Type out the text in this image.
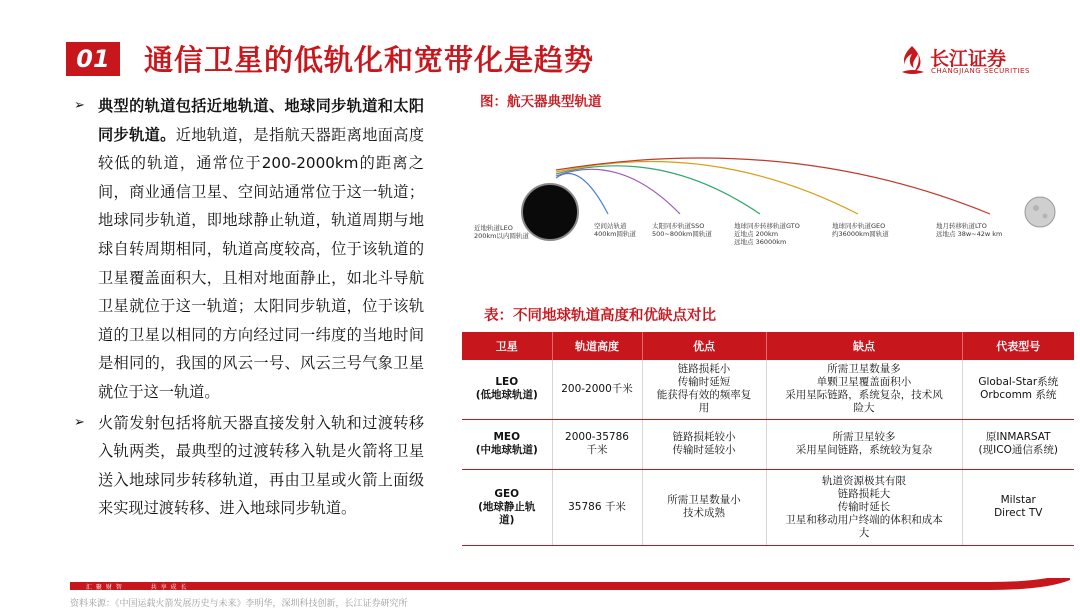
01	通信卫星的低轨化和宽带化是趋势	长江证券
CHANGJIANG SECURITIES
➢ 典型的轨道包括近地轨道、地球同步轨道和太阳同步轨道。近地轨道，是指航天器距离地面高度较低的轨道，通常位于200-2000km的距离之间，商业通信卫星、空间站通常位于这一轨道；地球同步轨道，即地球静止轨道，轨道周期与地球自转周期相同，轨道高度较高，位于该轨道的卫星覆盖面积大，且相对地面静止，如北斗导航卫星就位于这一轨道；太阳同步轨道，位于该轨道的卫星以相同的方向经过同一纬度的当地时间是相同的，我国的风云一号、风云三号气象卫星就位于这一轨道。
➢ 火箭发射包括将航天器直接发射入轨和过渡转移入轨两类，最典型的过渡转移入轨是火箭将卫星送入地球同步转移轨道，再由卫星或火箭上面级来实现过渡转移、进入地球同步轨道。
图：航天器典型轨道
近地轨道LEO
200km以内圆轨道
空间站轨道
400km圆轨道
太阳同步轨道SSO
500~800km圆轨道
地球同步转移轨道GTO
近地点 200km
远地点 36000km
地球同步轨道GEO
约36000km圆轨道
地月转移轨道LTO
远地点 38w~42w km
表：不同地球轨道高度和优缺点对比
卫星	轨道高度	优点	缺点	代表型号

LEO
(低地球轨道)	200-2000千米	链路损耗小
传输时延短
能获得有效的频率复
用	所需卫星数量多
单颗卫星覆盖面积小
采用星际链路，系统复杂，技术风
险大	Global-Star系统
Orbcomm 系统

MEO
(中地球轨道)	2000-35786
千米	链路损耗较小
传输时延较小	所需卫星较多
采用星间链路，系统较为复杂	原INMARSAT
(现ICO通信系统)

GEO
(地球静止轨
道)	35786 千米	所需卫星数量小
技术成熟	轨道资源极其有限
链路损耗大
传输时延长
卫星和移动用户终端的体积和成本
大	Milstar
Direct TV
汇 聚 财 智	共 享 成 长
资料来源：《中国运载火箭发展历史与未来》李明华，深圳科技创新，长江证券研究所
